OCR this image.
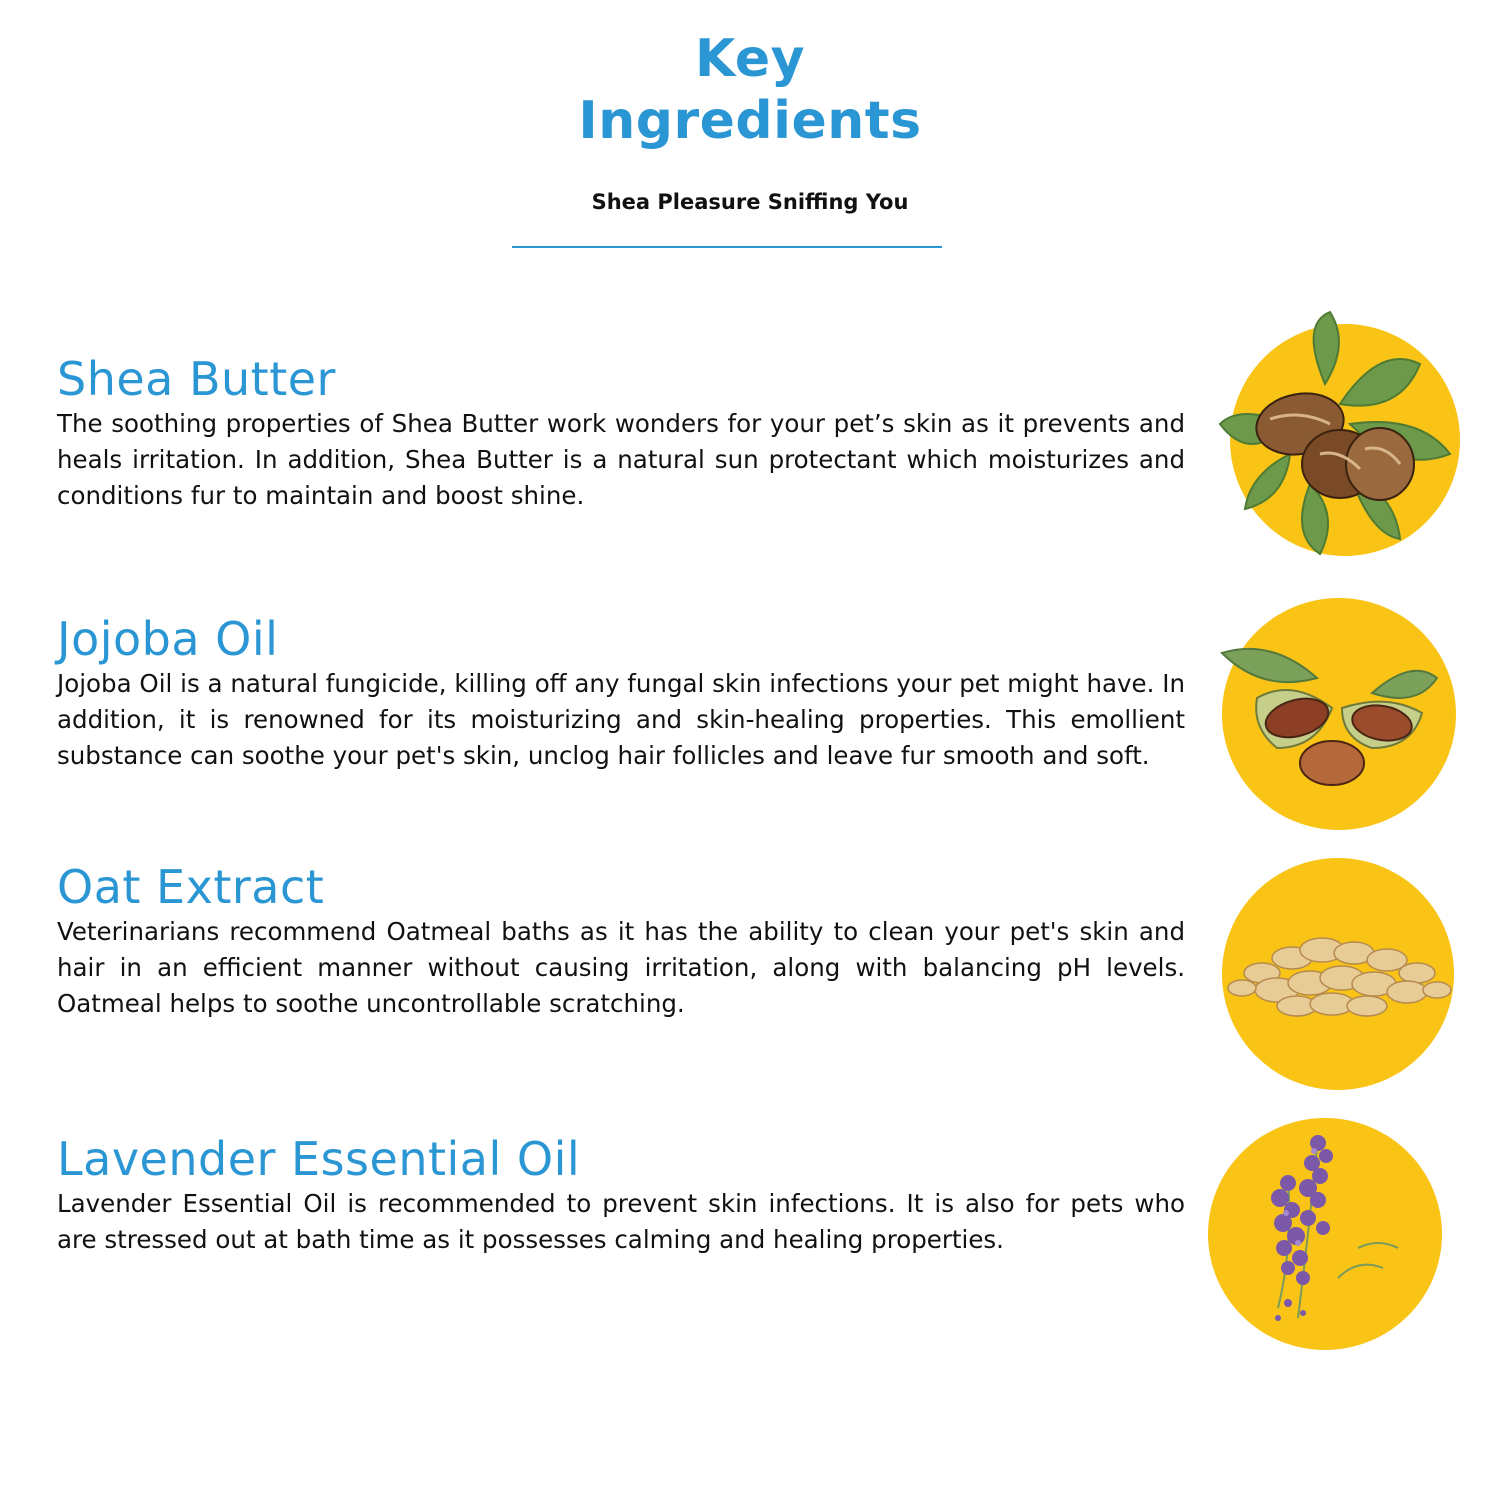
Key
Ingredients
Shea Pleasure Sniffing You
Shea Butter

The soothing properties of Shea Butter work wonders for your pet’s skin as it prevents and heals irritation. In addition, Shea Butter is a natural sun protectant which moisturizes and conditions fur to maintain and boost shine.

Jojoba Oil

Jojoba Oil is a natural fungicide, killing off any fungal skin infections your pet might have. In addition, it is renowned for its moisturizing and skin-healing properties. This emollient substance can soothe your pet's skin, unclog hair follicles and leave fur smooth and soft.

Oat Extract

Veterinarians recommend Oatmeal baths as it has the ability to clean your pet's skin and hair in an efficient manner without causing irritation, along with balancing pH levels. Oatmeal helps to soothe uncontrollable scratching.

Lavender Essential Oil

Lavender Essential Oil is recommended to prevent skin infections. It is also for pets who are stressed out at bath time as it possesses calming and healing properties.
